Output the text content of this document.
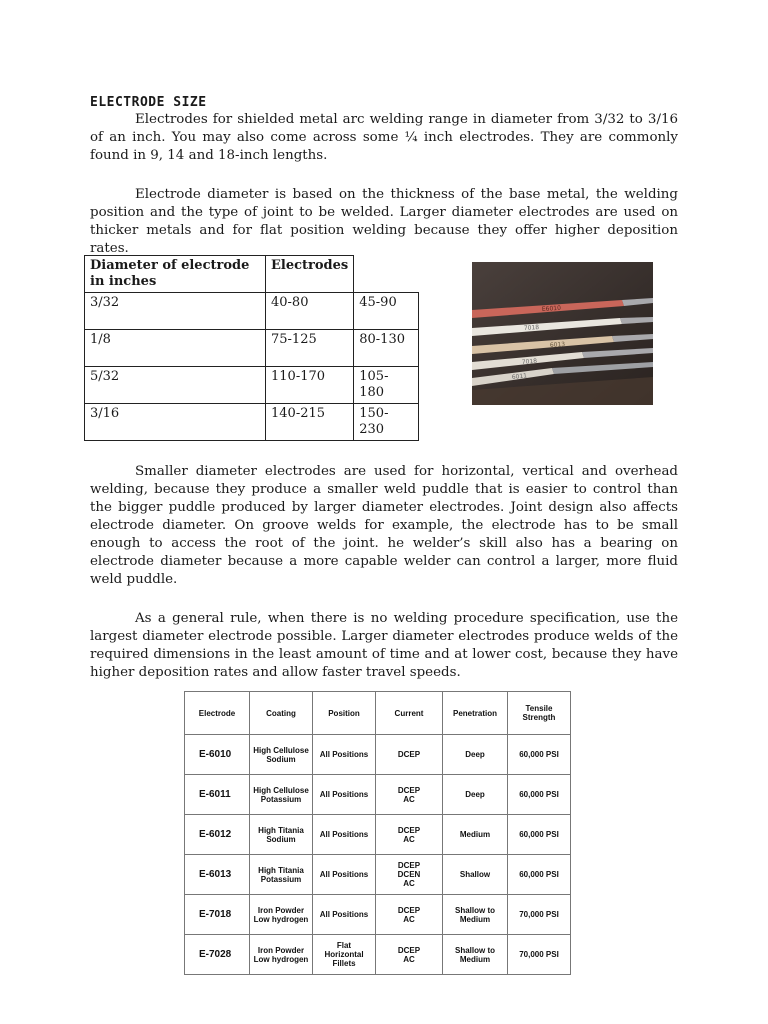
ELECTRODE SIZE

Electrodes for shielded metal arc welding range in diameter from 3/32 to 3/16 of an inch. You may also come across some ¼ inch electrodes. They are commonly found in 9, 14 and 18-inch lengths.

Electrode diameter is based on the thickness of the base metal, the welding position and the type of joint to be welded. Larger diameter electrodes are used on thicker metals and for flat position welding because they offer higher deposition rates.

Diameter of electrode in inches	Electrodes	
3/32	40-80	45-90
1/8	75-125	80-130
5/32	110-170	105-180
3/16	140-215	150-230
E6010
7018
6013
7018
6011

Smaller diameter electrodes are used for horizontal, vertical and overhead welding, because they produce a smaller weld puddle that is easier to control than the bigger puddle produced by larger diameter electrodes. Joint design also affects electrode diameter. On groove welds for example, the electrode has to be small enough to access the root of the joint. he welder’s skill also has a bearing on electrode diameter because a more capable welder can control a larger, more fluid weld puddle.

As a general rule, when there is no welding procedure specification, use the largest diameter electrode possible. Larger diameter electrodes produce welds of the required dimensions in the least amount of time and at lower cost, because they have higher deposition rates and allow faster travel speeds.

Electrode	Coating	Position	Current	Penetration	Tensile Strength
E-6010	High Cellulose
Sodium	All Positions	DCEP	Deep	60,000 PSI
E-6011	High Cellulose
Potassium	All Positions	DCEP
AC	Deep	60,000 PSI
E-6012	High Titania
Sodium	All Positions	DCEP
AC	Medium	60,000 PSI
E-6013	High Titania
Potassium	All Positions	DCEP
DCEN
AC	Shallow	60,000 PSI
E-7018	Iron Powder
Low hydrogen	All Positions	DCEP
AC	Shallow to
Medium	70,000 PSI
E-7028	Iron Powder
Low hydrogen	Flat
Horizontal
Fillets	DCEP
AC	Shallow to
Medium	70,000 PSI
